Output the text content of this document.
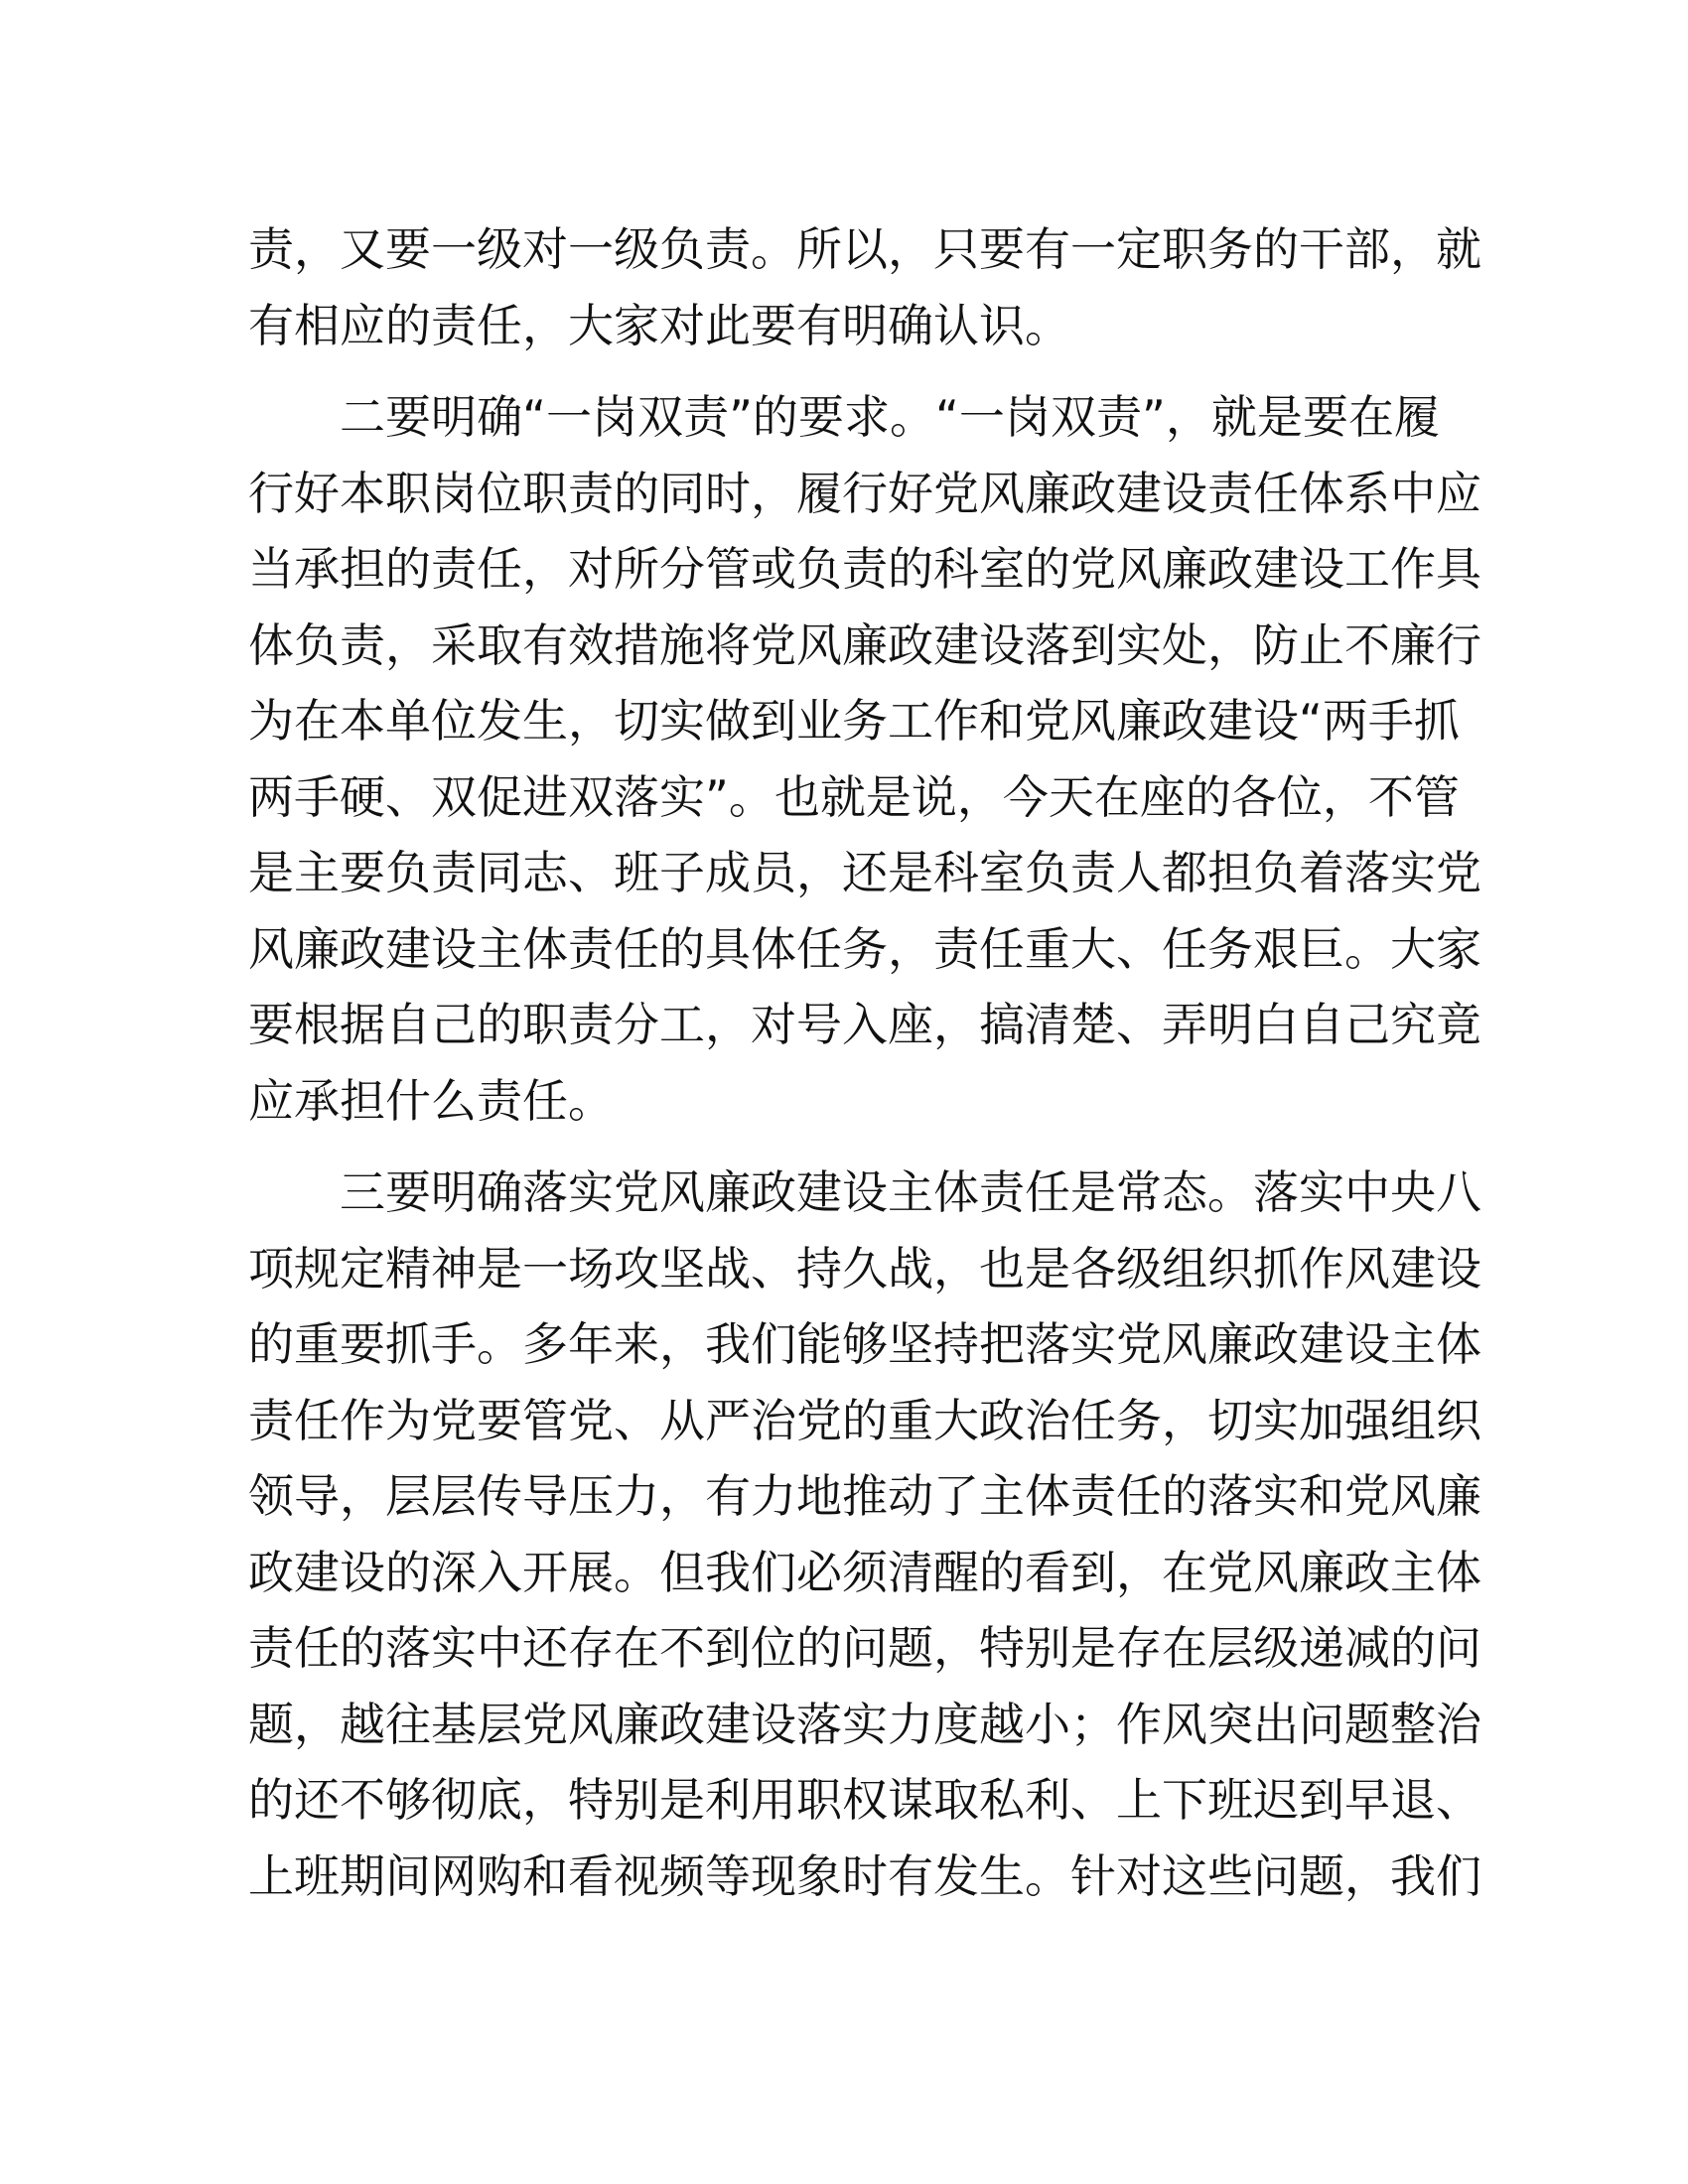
责，又要一级对一级负责。所以，只要有一定职务的干部，就
有相应的责任，大家对此要有明确认识。
二要明确“一岗双责”的要求。“一岗双责”，就是要在履
行好本职岗位职责的同时，履行好党风廉政建设责任体系中应
当承担的责任，对所分管或负责的科室的党风廉政建设工作具
体负责，采取有效措施将党风廉政建设落到实处，防止不廉行
为在本单位发生，切实做到业务工作和党风廉政建设“两手抓
两手硬、双促进双落实”。也就是说，今天在座的各位，不管
是主要负责同志、班子成员，还是科室负责人都担负着落实党
风廉政建设主体责任的具体任务，责任重大、任务艰巨。大家
要根据自己的职责分工，对号入座，搞清楚、弄明白自己究竟
应承担什么责任。
三要明确落实党风廉政建设主体责任是常态。落实中央八
项规定精神是一场攻坚战、持久战，也是各级组织抓作风建设
的重要抓手。多年来，我们能够坚持把落实党风廉政建设主体
责任作为党要管党、从严治党的重大政治任务，切实加强组织
领导，层层传导压力，有力地推动了主体责任的落实和党风廉
政建设的深入开展。但我们必须清醒的看到，在党风廉政主体
责任的落实中还存在不到位的问题，特别是存在层级递减的问
题，越往基层党风廉政建设落实力度越小；作风突出问题整治
的还不够彻底，特别是利用职权谋取私利、上下班迟到早退、
上班期间网购和看视频等现象时有发生。针对这些问题，我们
